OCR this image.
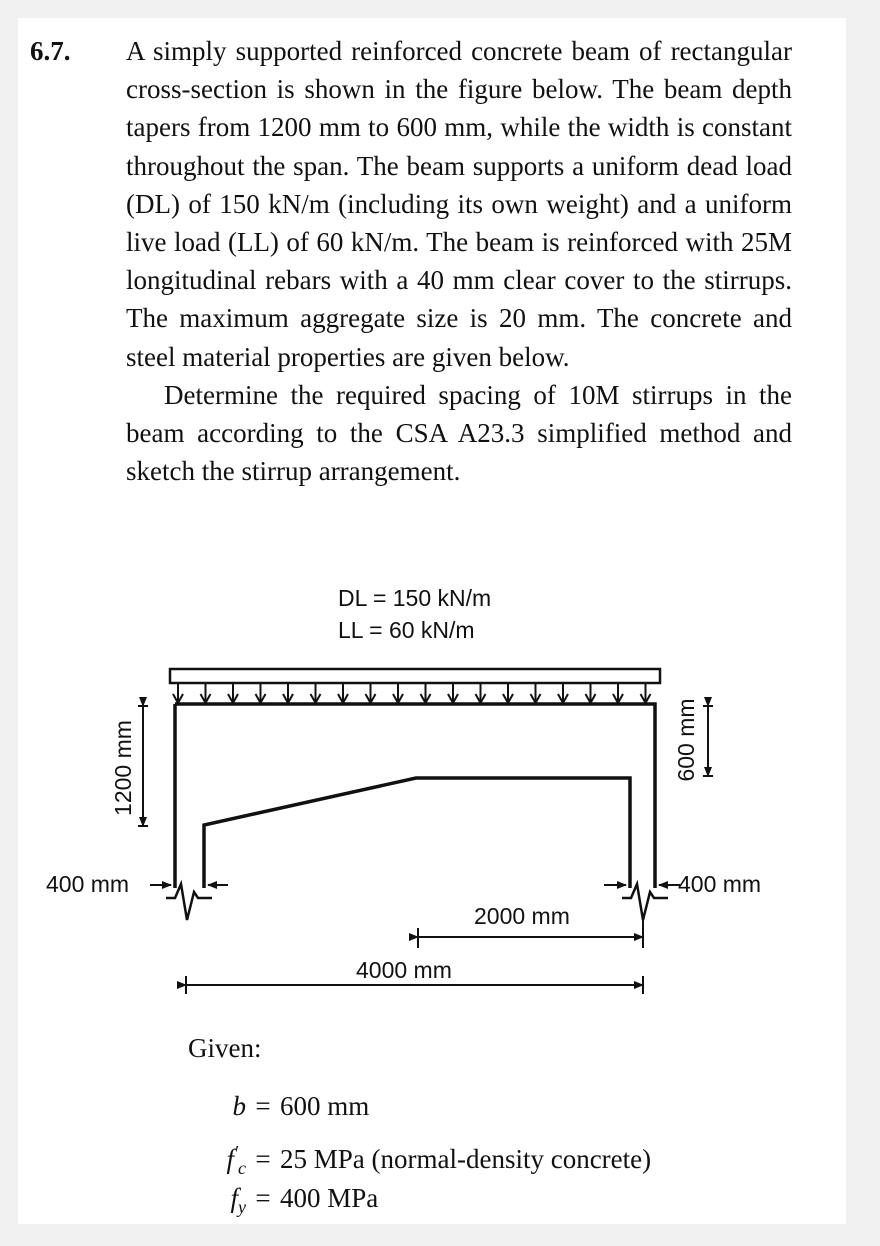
6.7. A simply supported reinforced concrete beam of rectangular cross-section is shown in the figure below. The beam depth tapers from 1200 mm to 600 mm, while the width is constant throughout the span. The beam supports a uniform dead load (DL) of 150 kN/m (including its own weight) and a uniform live load (LL) of 60 kN/m. The beam is reinforced with 25M longitudinal rebars with a 40 mm clear cover to the stirrups. The maximum aggregate size is 20 mm. The concrete and steel material properties are given below.

Determine the required spacing of 10M stirrups in the beam according to the CSA A23.3 simplified method and sketch the stirrup arrangement.

DL = 150 kN/m
LL = 60 kN/m
1200 mm	600 mm
400 mm	400 mm
2000 mm
4000 mm
Given:
b = 600 mm
$f'_c = 25$ MPa (normal-density concrete)
$f_y = 400$ MPa
